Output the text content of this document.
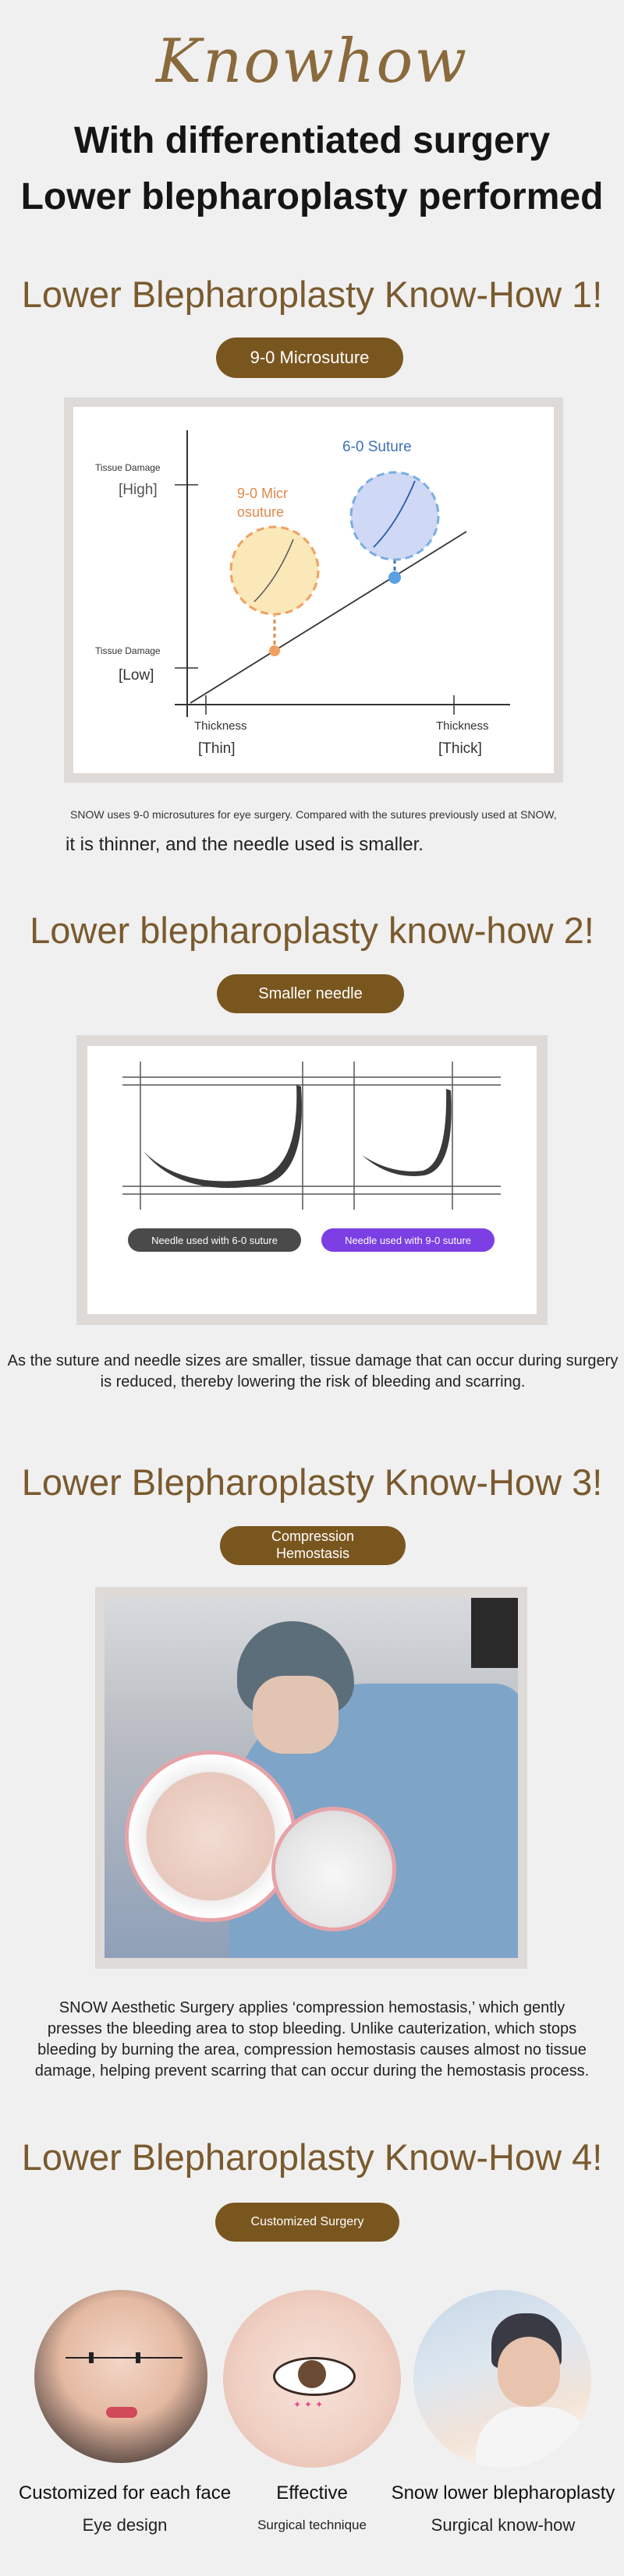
Knowhow
With differentiated surgery
Lower blepharoplasty performed
Lower Blepharoplasty Know-How 1!
9-0 Microsuture
Tissue Damage
[High]
Tissue Damage
[Low]
Thickness
[Thin]
Thickness
[Thick]
6-0 Suture
9-0 Micr
osuture
SNOW uses 9-0 microsutures for eye surgery. Compared with the sutures previously used at SNOW,
it is thinner, and the needle used is smaller.
Lower blepharoplasty know-how 2!
Smaller needle
Needle used with 6-0 suture	Needle used with 9-0 suture
As the suture and needle sizes are smaller, tissue damage that can occur during surgery is reduced, thereby lowering the risk of bleeding and scarring.
Lower Blepharoplasty Know-How 3!
Compression
Hemostasis
SNOW Aesthetic Surgery applies ‘compression hemostasis,’ which gently presses the bleeding area to stop bleeding. Unlike cauterization, which stops bleeding by burning the area, compression hemostasis causes almost no tissue damage, helping prevent scarring that can occur during the hemostasis process.
Lower Blepharoplasty Know-How 4!
Customized Surgery
✦✦✦
Customized for each face
Eye design
Effective
Surgical technique
Snow lower blepharoplasty
Surgical know-how
